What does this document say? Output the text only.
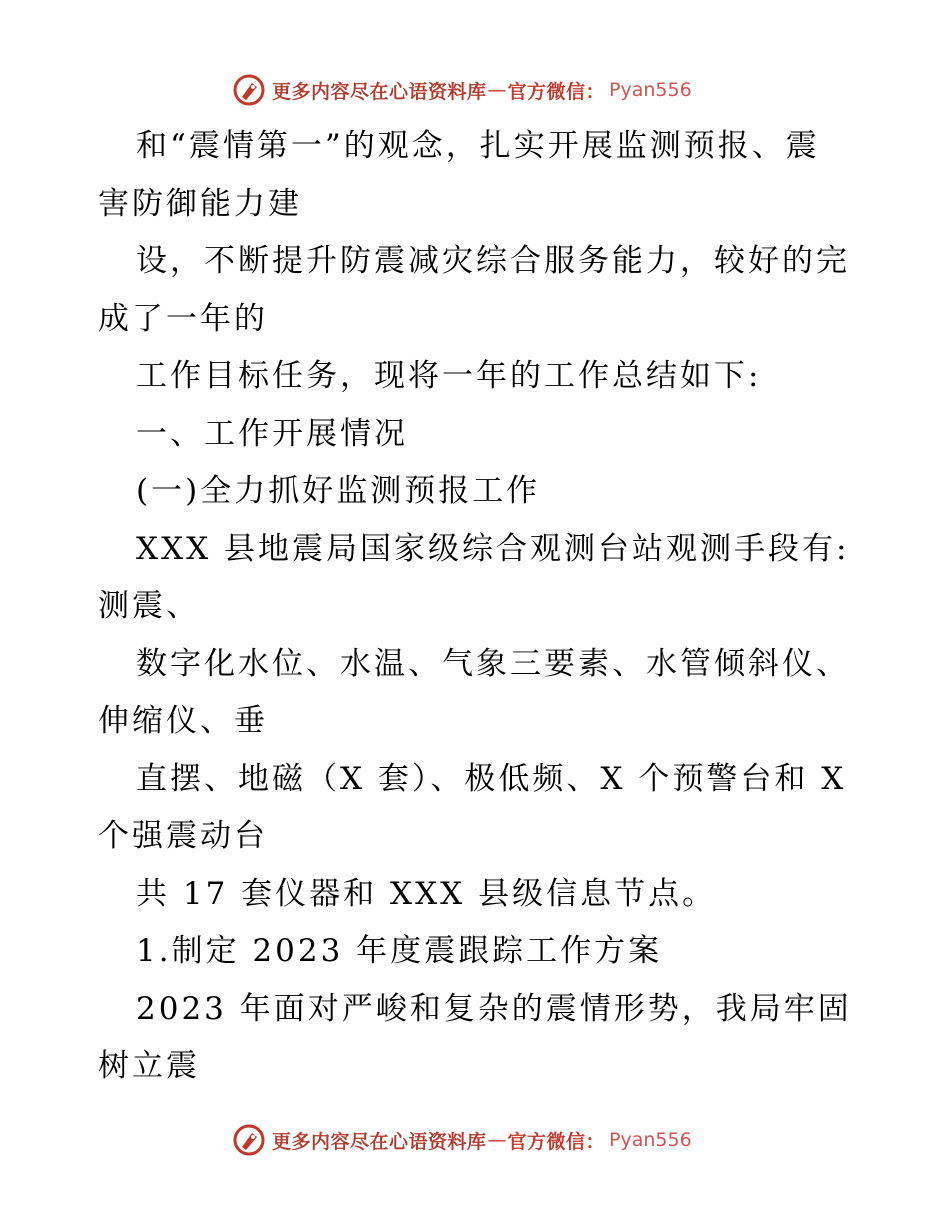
更多内容尽在心语资料库 — 官方微信： Pyan556
和“震情第一”的观念，扎实开展监测预报、震
害防御能力建
设，不断提升防震减灾综合服务能力，较好的完
成了一年的
工作目标任务，现将一年的工作总结如下:
一、工作开展情况
(一)全力抓好监测预报工作
XXX 县地震局国家级综合观测台站观测手段有:
测震、
数字化水位、水温、气象三要素、水管倾斜仪、
伸缩仪、垂
直摆、地磁（X 套）、极低频、X 个预警台和 X
个强震动台
共 17 套仪器和 XXX 县级信息节点。
1.制定 2023 年度震跟踪工作方案
2023 年面对严峻和复杂的震情形势，我局牢固
树立震
更多内容尽在心语资料库 — 官方微信： Pyan556
